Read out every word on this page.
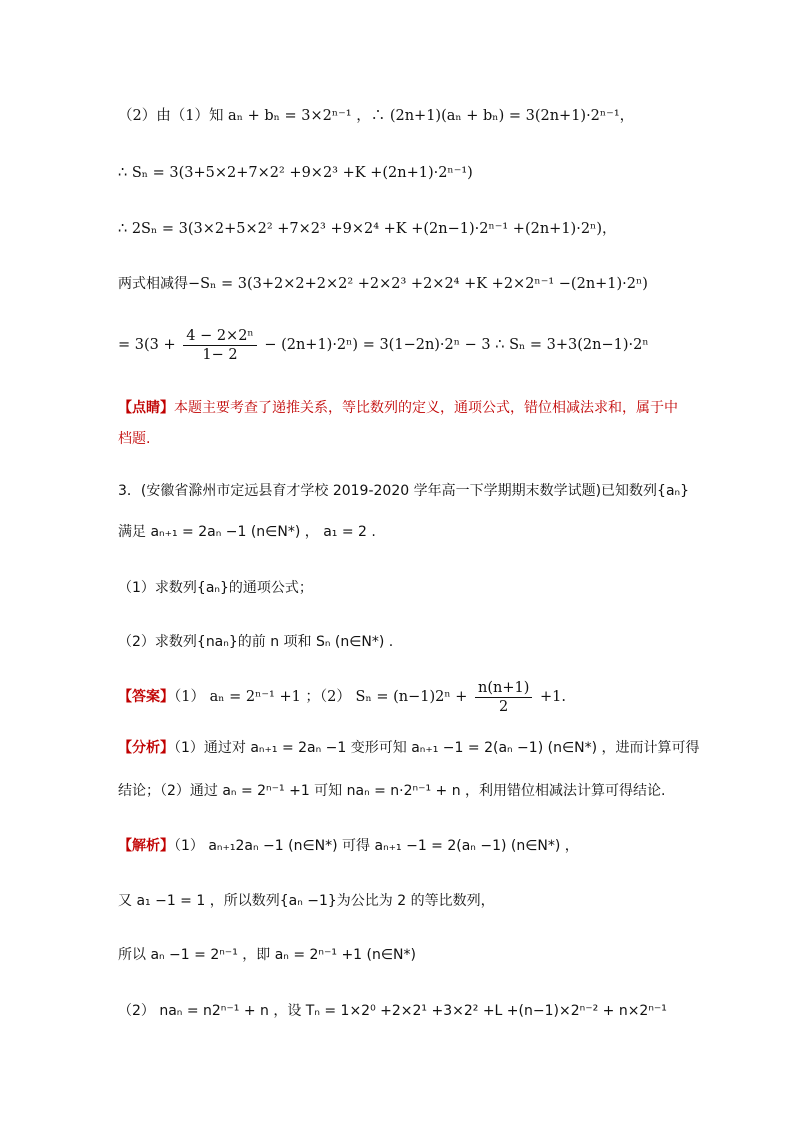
（2）由（1）知 aₙ + bₙ = 3×2ⁿ⁻¹ ，∴ (2n+1)(aₙ + bₙ) = 3(2n+1)·2ⁿ⁻¹，
∴ Sₙ = 3(3+5×2+7×2² +9×2³ +K +(2n+1)·2ⁿ⁻¹)
∴ 2Sₙ = 3(3×2+5×2² +7×2³ +9×2⁴ +K +(2n−1)·2ⁿ⁻¹ +(2n+1)·2ⁿ)，
两式相减得−Sₙ = 3(3+2×2+2×2² +2×2³ +2×2⁴ +K +2×2ⁿ⁻¹ −(2n+1)·2ⁿ)
= $3(3 + \frac{\text{4 − 2×2ⁿ}}{1- 2} - (2n+1)\cdot 2^n) = 3(1-2n)\cdot 2^n - 3$ ∴ Sₙ = 3+3(2n−1)·2ⁿ
【点睛】本题主要考查了递推关系，等比数列的定义，通项公式，错位相减法求和，属于中
档题.
3．(安徽省滁州市定远县育才学校 2019-2020 学年高一下学期期末数学试题)已知数列{aₙ}
满足 aₙ₊₁ = 2aₙ −1 (n∈N*) ， a₁ = 2 .
（1）求数列{aₙ}的通项公式；
（2）求数列{naₙ}的前 n 项和 Sₙ (n∈N*) .
【答案】（1） aₙ = 2ⁿ⁻¹ +1 ；（2） $S_n = (n-1)2^n + \frac{n(n+1)}{2} +1$.
【分析】（1）通过对 aₙ₊₁ = 2aₙ −1 变形可知 aₙ₊₁ −1 = 2(aₙ −1) (n∈N*) ，进而计算可得
结论；（2）通过 aₙ = 2ⁿ⁻¹ +1 可知 naₙ = n·2ⁿ⁻¹ + n ，利用错位相减法计算可得结论.
【解析】（1） aₙ₊₁2aₙ −1 (n∈N*) 可得 aₙ₊₁ −1 = 2(aₙ −1) (n∈N*) ，
又 a₁ −1 = 1 ，所以数列{aₙ −1}为公比为 2 的等比数列，
所以 aₙ −1 = 2ⁿ⁻¹ ，即 aₙ = 2ⁿ⁻¹ +1 (n∈N*)
（2） naₙ = n2ⁿ⁻¹ + n ，设 Tₙ = 1×2⁰ +2×2¹ +3×2² +L +(n−1)×2ⁿ⁻² + n×2ⁿ⁻¹
